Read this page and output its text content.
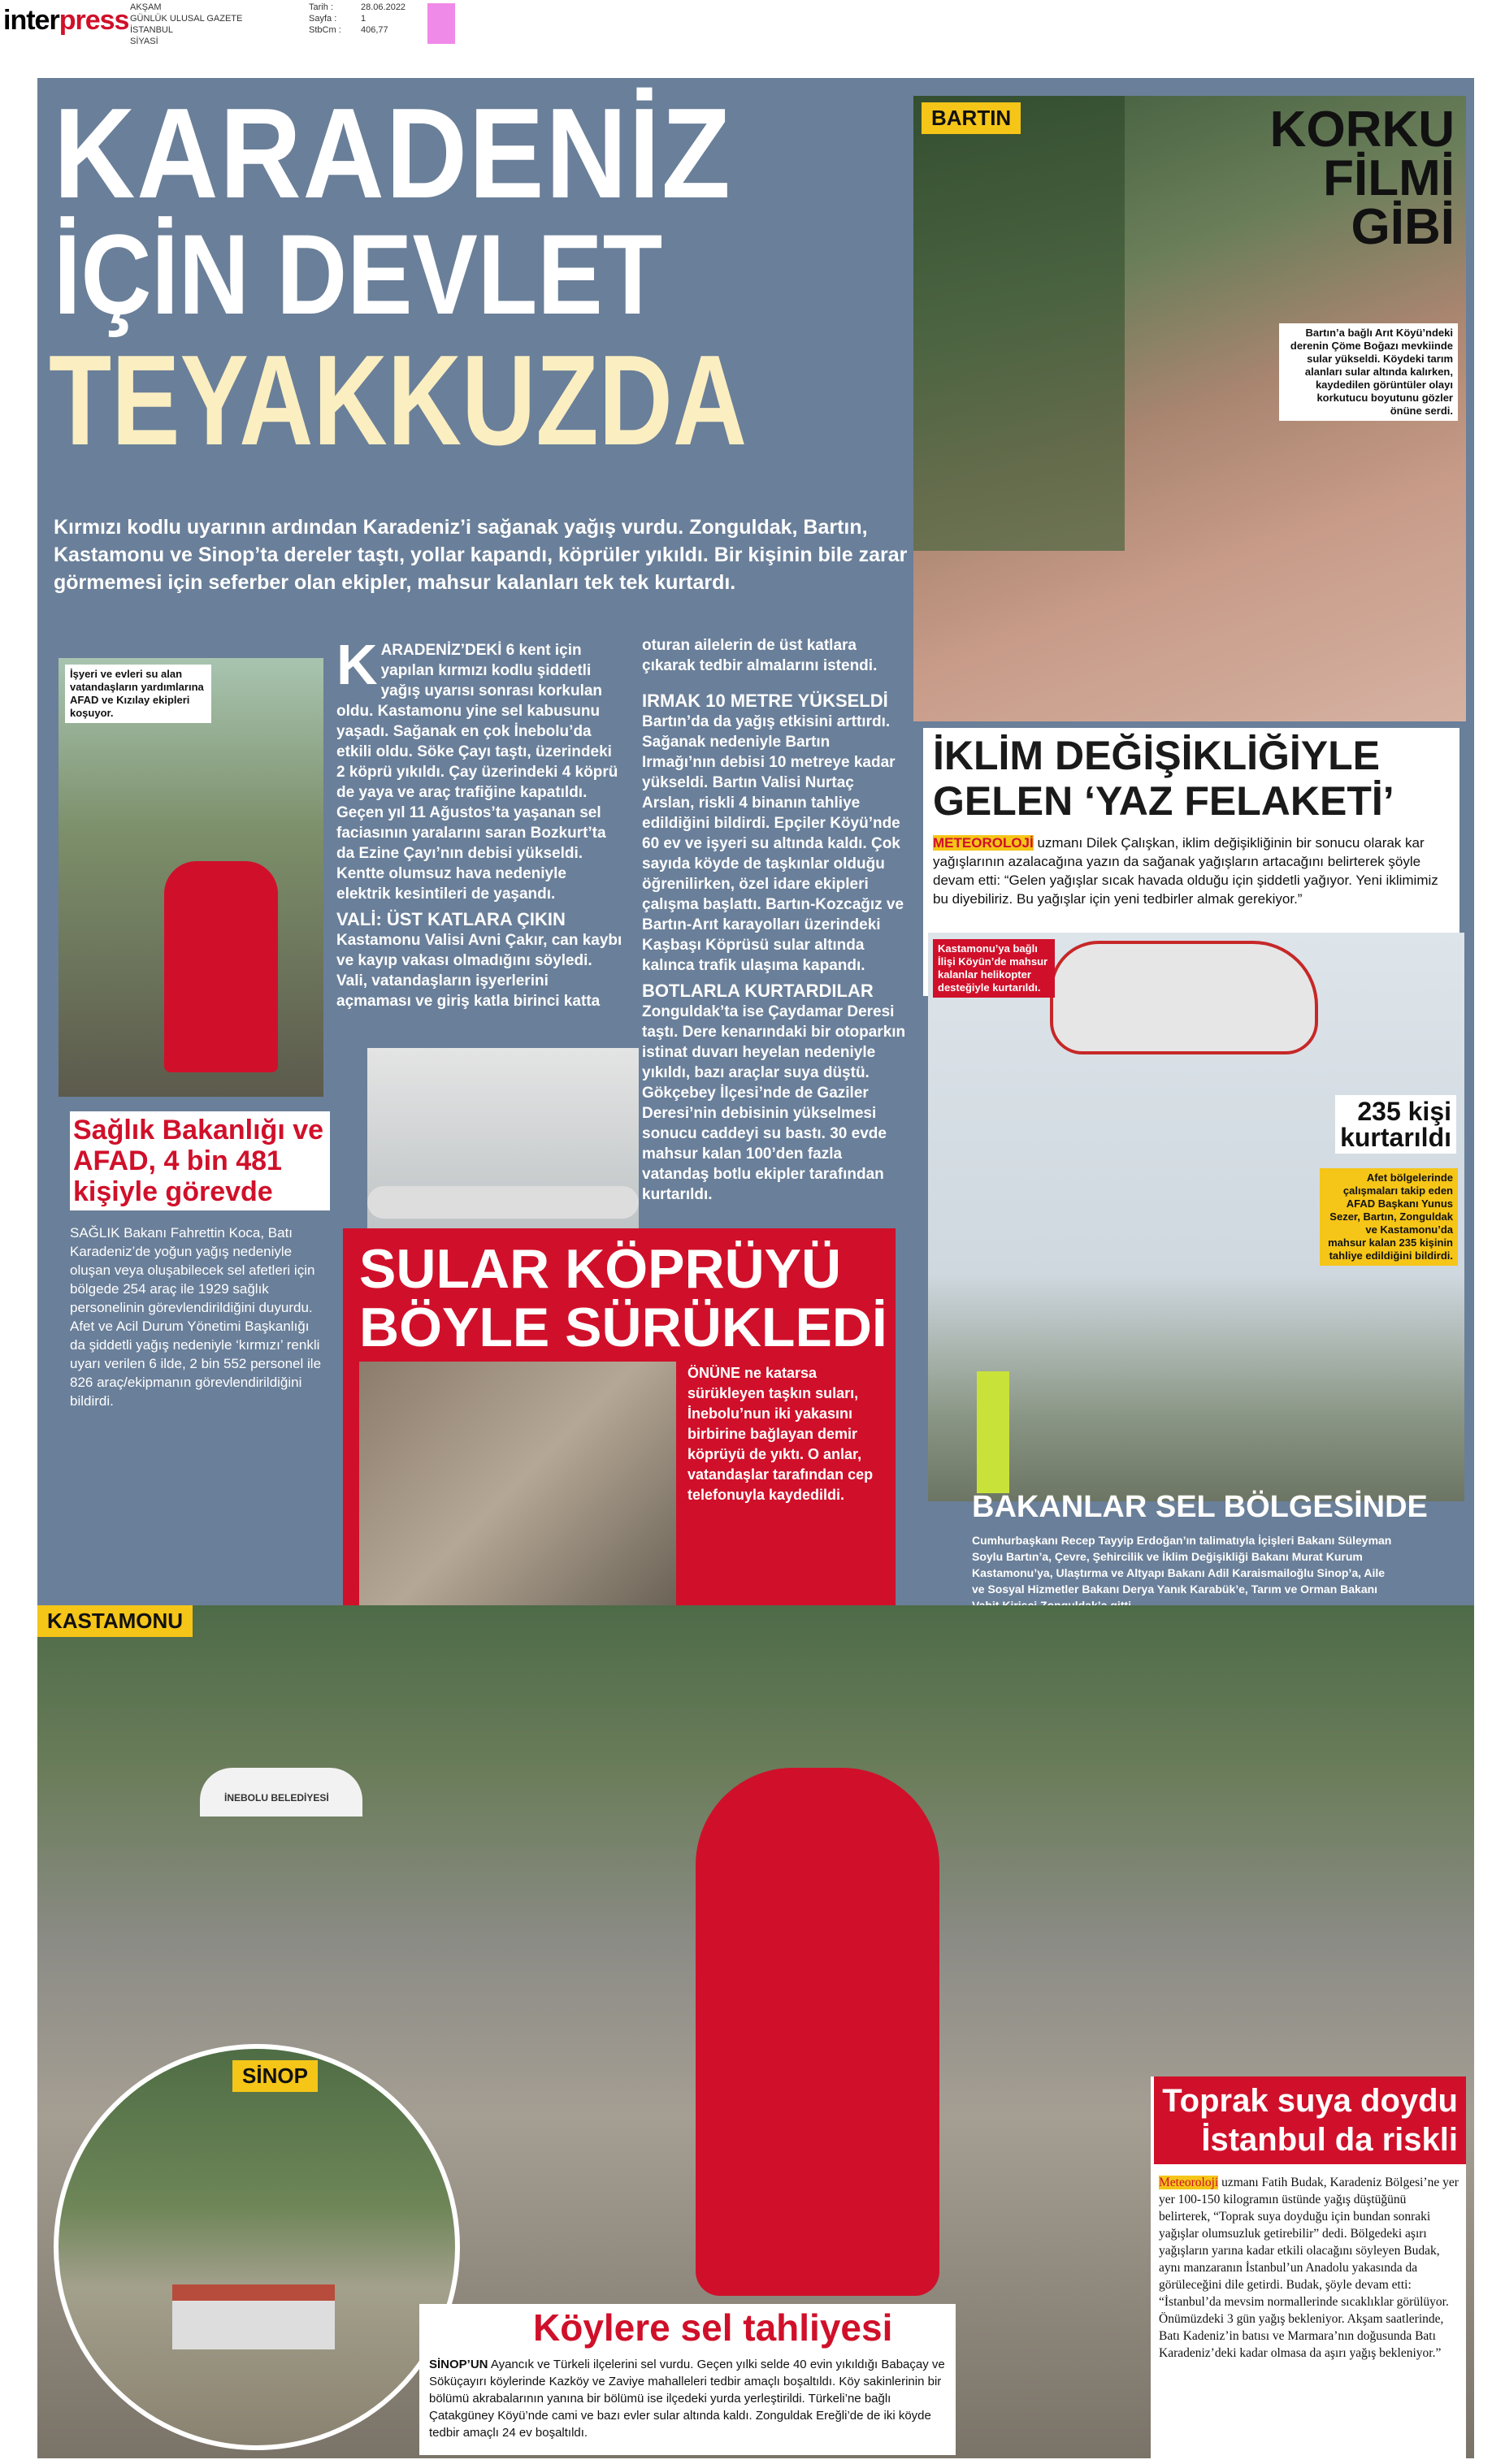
interpress AKŞAM
GÜNLÜK ULUSAL GAZETE
İSTANBUL
SİYASİ
Tarih :
Sayfa :
StbCm :
28.06.2022
1
406,77
KARADENİZ
İÇİN DEVLET
TEYAKKUZDA
Kırmızı kodlu uyarının ardından Karadeniz’i sağanak yağış vurdu. Zonguldak, Bartın, Kastamonu ve Sinop’ta dereler taştı, yollar kapandı, köprüler yıkıldı. Bir kişinin bile zarar görmemesi için seferber olan ekipler, mahsur kalanları tek tek kurtardı.
BARTIN	KORKU
FİLMİ
GİBİ
Bartın’a bağlı Arıt Köyü’ndeki derenin Çöme Boğazı mevkiinde sular yükseldi. Köydeki tarım alanları sular altında kalırken, kaydedilen görüntüler olayı korkutucu boyutunu gözler önüne serdi.
İKLİM DEĞİŞİKLİĞİYLE
GELEN ‘YAZ FELAKETİ’
METEOROLOJİ uzmanı Dilek Çalışkan, iklim değişikliğinin bir sonucu olarak kar yağışlarının azalacağına yazın da sağanak yağışların artacağını belirterek şöyle devam etti: “Gelen yağışlar sıcak havada olduğu için şiddetli yağıyor. Yeni iklimimiz bu diyebiliriz. Bu yağışlar için yeni tedbirler almak gerekiyor.”
Kastamonu’ya bağlı İlişi Köyün’de mahsur kalanlar helikopter desteğiyle kurtarıldı.
235 kişi
kurtarıldı
Afet bölgelerinde çalışmaları takip eden AFAD Başkanı Yunus Sezer, Bartın, Zonguldak ve Kastamonu’da mahsur kalan 235 kişinin tahliye edildiğini bildirdi.
İşyeri ve evleri su alan vatandaşların yardımlarına AFAD ve Kızılay ekipleri koşuyor.
Sağlık Bakanlığı ve AFAD, 4 bin 481 kişiyle görevde
SAĞLIK Bakanı Fahrettin Koca, Batı Karadeniz’de yoğun yağış nedeniyle oluşan veya oluşabilecek sel afetleri için bölgede 254 araç ile 1929 sağlık personelinin görevlendirildiğini duyurdu. Afet ve Acil Durum Yönetimi Başkanlığı da şiddetli yağış nedeniyle ‘kırmızı’ renkli uyarı verilen 6 ilde, 2 bin 552 personel ile 826 araç/ekipmanın görevlendirildiğini bildirdi.
KARADENİZ’DEKİ 6 kent için yapılan kırmızı kodlu şiddetli yağış uyarısı sonrası korkulan oldu. Kastamonu yine sel kabusunu yaşadı. Sağanak en çok İnebolu’da etkili oldu. Söke Çayı taştı, üzerindeki 2 köprü yıkıldı. Çay üzerindeki 4 köprü de yaya ve araç trafiğine kapatıldı. Geçen yıl 11 Ağustos’ta yaşanan sel faciasının yaralarını saran Bozkurt’ta da Ezine Çayı’nın debisi yükseldi. Kentte olumsuz hava nedeniyle elektrik kesintileri de yaşandı.
VALİ: ÜST KATLARA ÇIKIN
Kastamonu Valisi Avni Çakır, can kaybı ve kayıp vakası olmadığını söyledi. Vali, vatandaşların işyerlerini açmaması ve giriş katla birinci katta
oturan ailelerin de üst katlara çıkarak tedbir almalarını istendi.
IRMAK 10 METRE YÜKSELDİ
Bartın’da da yağış etkisini arttırdı. Sağanak nedeniyle Bartın Irmağı’nın debisi 10 metreye kadar yükseldi. Bartın Valisi Nurtaç Arslan, riskli 4 binanın tahliye edildiğini bildirdi. Epçiler Köyü’nde 60 ev ve işyeri su altında kaldı. Çok sayıda köyde de taşkınlar olduğu öğrenilirken, özel idare ekipleri çalışma başlattı. Bartın-Kozcağız ve Bartın-Arıt karayolları üzerindeki Kaşbaşı Köprüsü sular altında kalınca trafik ulaşıma kapandı.
BOTLARLA KURTARDILAR
Zonguldak’ta ise Çaydamar Deresi taştı. Dere kenarındaki bir otoparkın istinat duvarı heyelan nedeniyle yıkıldı, bazı araçlar suya düştü. Gökçebey İlçesi’nde de Gaziler Deresi’nin debisinin yükselmesi sonucu caddeyi su bastı. 30 evde mahsur kalan 100’den fazla vatandaş botlu ekipler tarafından kurtarıldı.
SULAR KÖPRÜYÜ
BÖYLE SÜRÜKLEDİ
ÖNÜNE ne katarsa sürükleyen taşkın suları, İnebolu’nun iki yakasını birbirine bağlayan demir köprüyü de yıktı. O anlar, vatandaşlar tarafından cep telefonuyla kaydedildi.	BAKANLAR SEL BÖLGESİNDE
Cumhurbaşkanı Recep Tayyip Erdoğan’ın talimatıyla İçişleri Bakanı Süleyman Soylu Bartın’a, Çevre, Şehircilik ve İklim Değişikliği Bakanı Murat Kurum Kastamonu’ya, Ulaştırma ve Altyapı Bakanı Adil Karaismailoğlu Sinop’a, Aile ve Sosyal Hizmetler Bakanı Derya Yanık Karabük’e, Tarım ve Orman Bakanı
KASTAMONU
İNEBOLU BELEDİYESİ
SİNOP
Köylere sel tahliyesi
SİNOP’UN Ayancık ve Türkeli ilçelerini sel vurdu. Geçen yılki selde 40 evin yıkıldığı Babaçay ve Söküçayırı köylerinde Kazköy ve Zaviye mahalleleri tedbir amaçlı boşaltıldı. Köy sakinlerinin bir bölümü akrabalarının yanına bir bölümü ise ilçedeki yurda yerleştirildi. Türkeli’ne bağlı Çatakgüney Köyü’nde cami ve bazı evler sular altında kaldı. Zonguldak Ereğli’de de iki köyde tedbir amaçlı 24 ev boşaltıldı.
Toprak suya doydu
İstanbul da riskli
Meteoroloji uzmanı Fatih Budak, Karadeniz Bölgesi’ne yer yer 100-150 kilogramın üstünde yağış düştüğünü belirterek, “Toprak suya doyduğu için bundan sonraki yağışlar olumsuzluk getirebilir” dedi. Bölgedeki aşırı yağışların yarına kadar etkili olacağını söyleyen Budak, aynı manzaranın İstanbul’un Anadolu yakasında da görüleceğini dile getirdi. Budak, şöyle devam etti: “İstanbul’da mevsim normallerinde sıcaklıklar görülüyor. Önümüzdeki 3 gün yağış bekleniyor. Akşam saatlerinde, Batı Kadeniz’in batısı ve Marmara’nın doğusunda Batı Karadeniz’deki kadar olmasa da aşırı yağış bekleniyor.”
